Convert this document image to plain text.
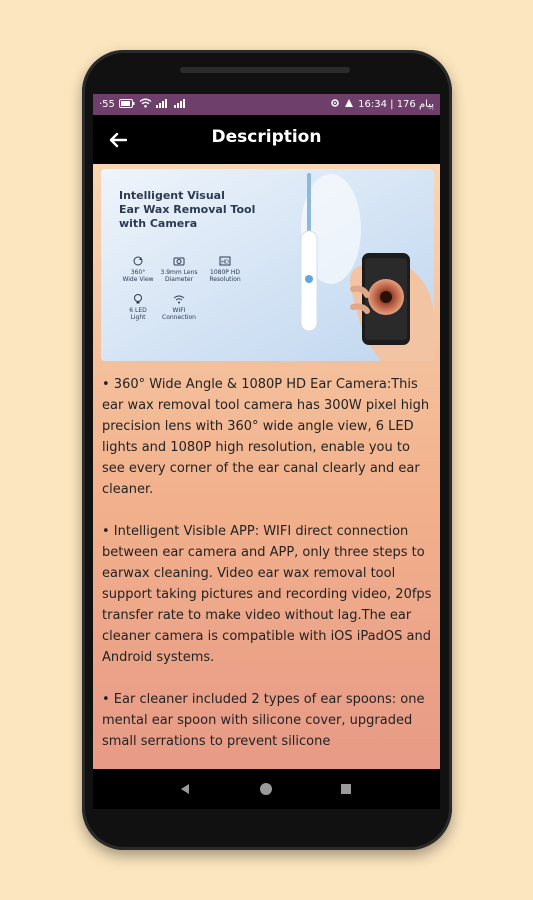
·55	پیام 176 | 16:34
Description
Intelligent Visual
Ear Wax Removal Tool
with Camera
360°
Wide View
3.9mm Lens
Diameter
HD
1080P HD
Resolution
6 LED
Light
WIFI
Connection

• 360° Wide Angle & 1080P HD Ear Camera:This ear wax removal tool camera has 300W pixel high precision lens with 360° wide angle view, 6 LED lights and 1080P high resolution, enable you to see every corner of the ear canal clearly and ear cleaner.

• Intelligent Visible APP: WIFI direct connection between ear camera and APP, only three steps to earwax cleaning. Video ear wax removal tool support taking pictures and recording video, 20fps transfer rate to make video without lag.The ear cleaner camera is compatible with iOS iPadOS and Android systems.

• Ear cleaner included 2 types of ear spoons: one mental ear spoon with silicone cover, upgraded small serrations to prevent silicone
